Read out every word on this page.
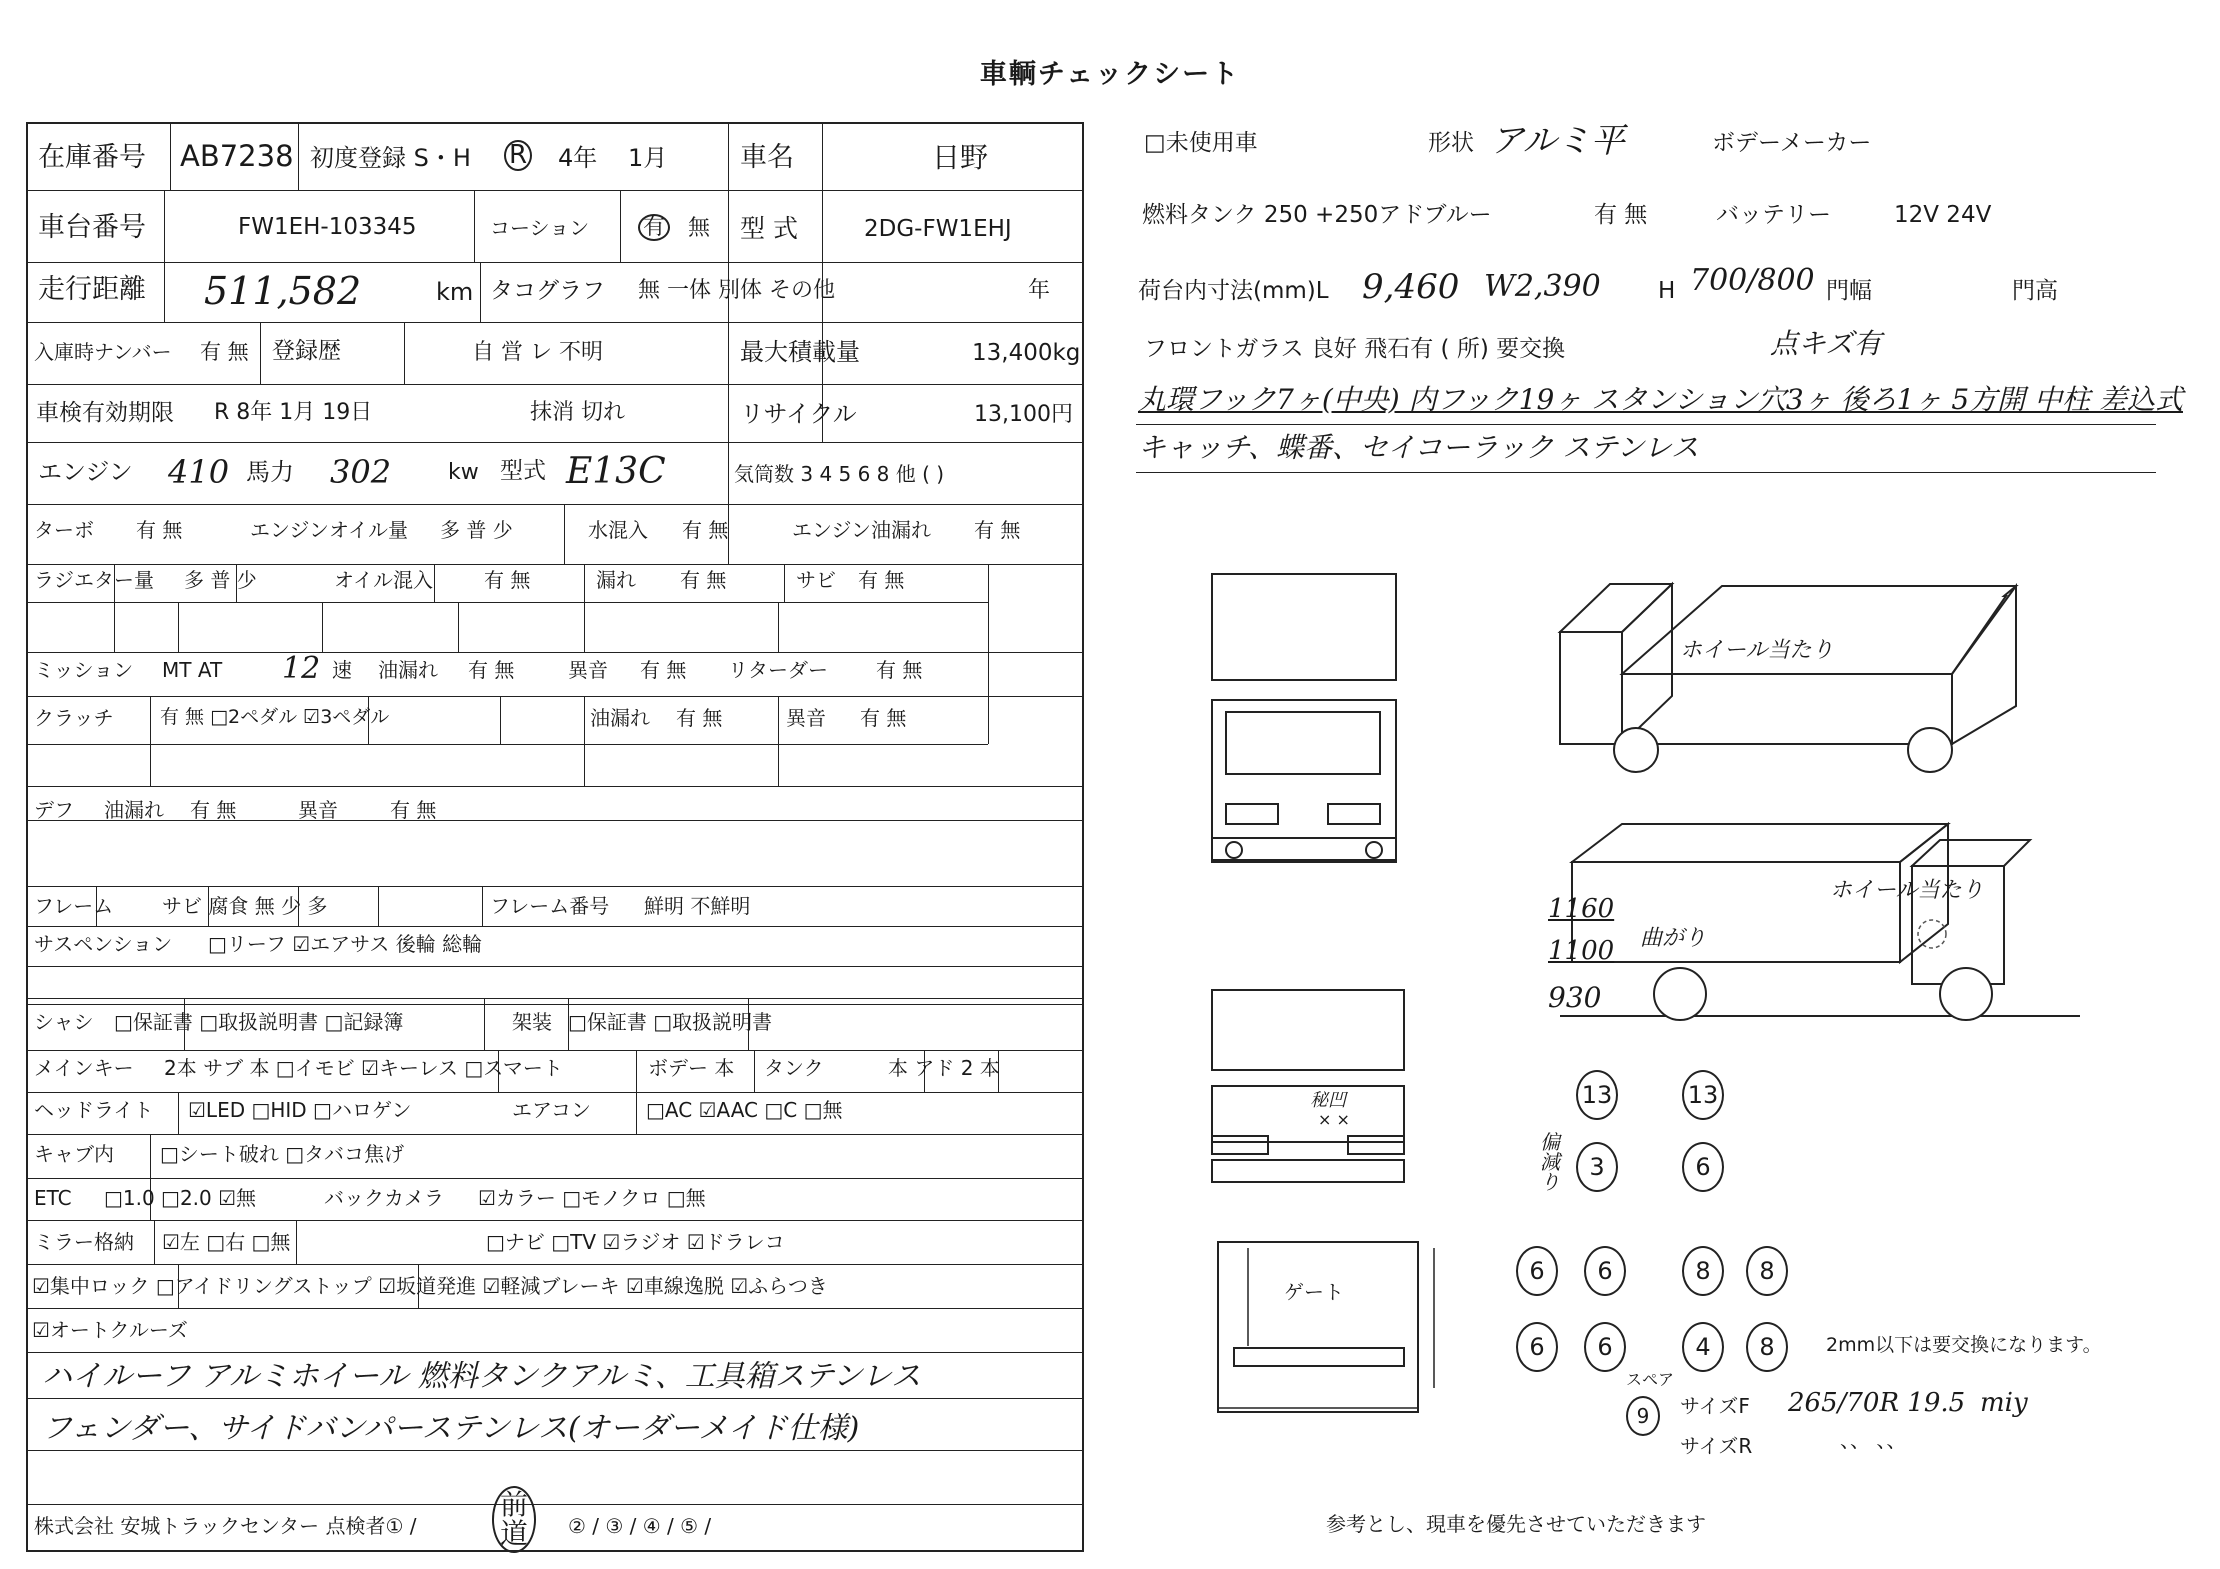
車輌チェックシート
在庫番号 AB7238 初度登録 S・H R 4年 1月	車名	日野
車台番号	FW1EH-103345	コーション 有 無 型 式	2DG-FW1EHJ
走行距離 511,582	km タコグラフ 無 一体 別体 その他	年
入庫時ナンバー 有 無 登録歴	自 営 レ 不明	最大積載量	13,400kg
車検有効期限 R 8年 1月 19日	抹消 切れ	リサイクル	13,100円
エンジン 410 馬力 302	kw 型式 E13C	気筒数 3 4 5 6 8 他 ( )
ターボ 有 無	エンジンオイル量 多 普 少	水混入 有 無	エンジン油漏れ 有 無
ラジエター量 多 普 少	オイル混入	有 無	漏れ 有 無	サビ 有 無
ミッション MT AT 12 速 油漏れ 有 無	異音 有 無 リターダー 有 無
クラッチ 有 無 □2ペダル ☑3ペダル	油漏れ 有 無	異音 有 無
デフ 油漏れ 有 無	異音	有 無
フレーム サビ 腐食 無 少 多	フレーム番号 鮮明 不鮮明
サスペンション □リーフ ☑エアサス 後輪 総輪
シャシ □保証書 □取扱説明書 □記録簿	架装 □保証書 □取扱説明書
メインキー 2本 サブ 本 □イモビ ☑キーレス □スマート	ボデー 本 タンク	本 アド 2 本
ヘッドライト ☑LED □HID □ハロゲン	エアコン	□AC ☑AAC □C □無
キャブ内 □シート破れ □タバコ焦げ
ETC □1.0 □2.0 ☑無	バックカメラ ☑カラー □モノクロ □無
ミラー格納 ☑左 □右 □無	□ナビ □TV ☑ラジオ ☑ドラレコ
☑集中ロック □アイドリングストップ ☑坂道発進 ☑軽減ブレーキ ☑車線逸脱 ☑ふらつき
☑オートクルーズ
ハイルーフ アルミホイール 燃料タンクアルミ、工具箱ステンレス
フェンダー、サイドバンパーステンレス(オーダーメイド仕様)
株式会社 安城トラックセンター 点検者① /
前道	② / ③ / ④ / ⑤ /
□未使用車	形状 アルミ平	ボデーメーカー
燃料タンク 250 +250アドブルー	有 無	バッテリー	12V 24V
荷台内寸法(mm)L 9,460 W2,390 H 700/800 門幅	門高
フロントガラス 良好 飛石有 ( 所) 要交換	点キズ有
丸環フック7ヶ(中央) 内フック19ヶ スタンション穴3ヶ 後ろ1ヶ 5方開 中柱 差込式
キャッチ、蝶番、セイコーラック ステンレス
ホイール当たり
ホイール当たり
1160
1100 曲がり
930
秘凹
× ×
ゲート
偏減り
13	13
3	6
6	6	8	8
6	6	4	8	2mm以下は要交換になります。
スペア
9	サイズF 265/70R 19.5 miy
サイズR	、、 、、
参考とし、現車を優先させていただきます
